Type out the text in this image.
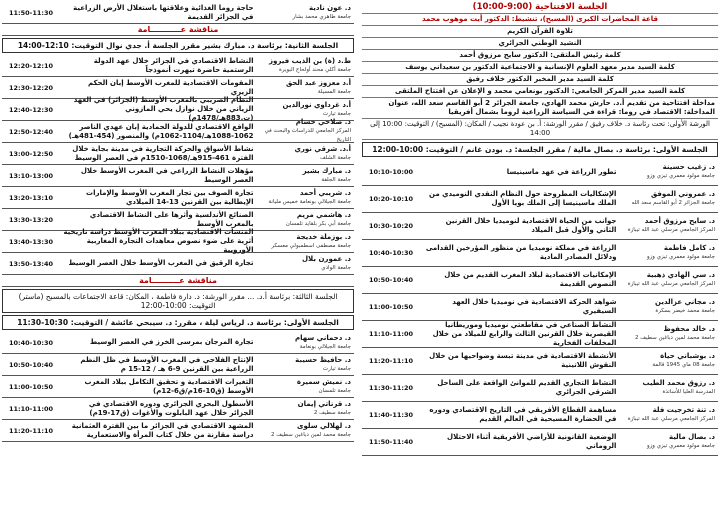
الجلسة الافتتاحية (9:00-10:00)
قاعة المحاضرات الكبرى (المسبح)، تنشيط: الدكتور أيت موهوب محمد
تلاوة القرآن الكريم
النشيد الوطني الجزائري
كلمة رئيس الملتقى: الدكتور سايح مرزوق أحمد
كلمة السيد مدير معهد العلوم الإنسانية و الاجتماعية الدكتور بن سعيداني يوسف
كلمة السيد مدير المخبر الدكتور خلاف رفيق
كلمة السيد مدير المركز الجامعي: الدكتور بونعامي محمد و الإعلان عن افتتاح الملتقى
مداخلة افتتاحية من تقديم أ.د. حارش محمد الهادي، جامعة الجزائر 2 أبو القاسم سعد الله، عنوان المداخلة: الاقتصاد في روما: قراءة في السياسة الزراعية لروما بشمال أفريقيا
الورشة الأولى: تحت رئاسة د. خلاف رفيق / مقرر الورشة: أ. بن عودة نجيب / المكان: (المسبح) / التوقيت: 10:00 إلى 14:00
الجلسة الأولى: برئاسة د. بصال مالية / مقرر الجلسة: د. بودن غانم / التوقيت: 10:00-12:00
د. زغيب حسينة
جامعة مولود معمري تيزي وزو
تطور الزراعة في عهد ماسينيسا
10:10-10:00
د. عمروني الموفق
جامعة الجزائر 2 أبو القاسم سعد الله
الإشكاليات المطروحة حول النظام النقدي النوميدي من الملك ماسينيسا إلى الملك بويا الأول
10:20-10:10
د. سايح مرزوق أحمد
المركز الجامعي مرسلي عبد الله تيبازة
جوانب من الحياة الاقتصادية لنوميديا خلال القرنين الثاني والأول قبل الميلاد
10:30-10:20
د. كامل فاطمة
جامعة مولود معمري تيزي وزو
الزراعة في مملكة نوميديا من منظور المؤرخين القدامى ودلائل المصادر المادية
10:40-10:30
د. سي الهادي ذهبية
المركز الجامعي مرسلي عبد الله تيبازة
الإمكانيات الاقتصادية لبلاد المغرب القديم من خلال النصوص القديمة
10:50-10:40
د. مجاني عزالدين
جامعة محمد خيضر بسكرة
شواهد الحركة الاقتصادية في نوميديا خلال العهد السيفيري
11:00-10:50
د. خالد محفوظ
جامعة محمد لمين دباغين سطيف 2
النشاط الصناعي في مقاطعتي نوميديا وموريطانيا القيصرية خلال القرنين الثالث والرابع للميلاد من خلال المخلفات الفخارية
11:10-11:00
د. بوشباني حياة
جامعة 08 ماي 1945 قالمة
الأنشطة الاقتصادية في مدينة تبسة وضواحيها من خلال النقوش اللاتينية
11:20-11:10
د. رزوق محمد الطيب
المدرسة العليا للأساتذة
النشاط التجاري القديم للموانئ الواقعة على الساحل الشرقي الجزائري
11:30-11:20
د. تنة تخرجيت فلة
المركز الجامعي مرسلي عبد الله تيبازة
مساهمة القطاع الأفريقي في التاريخ الاقتصادي ودوره في الحضارة المسيحية في العالم القديم
11:40-11:30
د. بصال مالية
جامعة مولود معمري تيزي وزو
الوضعية القانونية للأراضي الأفريقية أثناء الاحتلال الروماني
11:50-11:40
د. عون نادية
جامعة طاهري محمد بشار
حاجة روما الغذائية وعلاقتها باستغلال الأرض الزراعية في الجزائر القديمة
11:50-11:30
مناقشة عـــــــــــامة
الجلسة الثانية: برئاسة د. مبارك بشير مقرر الجلسة أ. جدي نوال التوقيت: 12:10-14:00
ط.د (ة) بن الذيب فيروز
جامعة أكلي محند أولحاج البويرة
النشاط الاقتصادي في الجزائر خلال عهد الدولة الرستمية حاضرة تيهرت أنموذجاً
12:20-12:10
أ.د معزوز عبد الحق
جامعة المسيلة
المقومات الاقتصادية للمغرب الأوسط إبان الحكم الزيري
12:30-12:20
أ.د غرداوي نورالدين
جامعة تيارت
النظام الضريبي بالمغرب الأوسط (الجزائر) في العهد الزياني من خلال نوازل يحي المازوني (ت.883هـ/1478م)
12:40-12:30
د. صلاحي حسام
المركز الجامعي للدراسات والبحث في التاريخ
الواقع الاقتصادي للدولة الحمادية إبان عهدي الناصر 1062-1088هـ/1104-1062م) والمنصور (454-481هـ)
12:50-12:40
أ.د. شرقي نوري
جامعة الشلف
نشاط الأسواق والحركة التجارية في مدينة بجاية خلال الفترة 461-915هـ/1068-1510م في العصر الوسيط
13:00-12:50
د. مبارك بشير
جامعة الجلفة
مؤهلات النشاط الزراعي في المغرب الأوسط خلال العصر الوسيط
13:10-13:00
د. شريبي أحمد
جامعة الجيلالي بونعامة خميس مليانة
تجارة الصوف بين تجار المغرب الأوسط والإمارات الإيطالية بين القرنين 13-14 الميلادي
13:20-13:10
د. هاشمي مريم
جامعة أبي بكر بلقايد تلمسان
الصنائع الأندلسية وأثرها على النشاط الاقتصادي بالمغرب الأوسط
13:30-13:20
د. بوزملة خديجة
جامعة مصطفى اسطمبولي معسكر
المنشآت الاقتصادية ببلاد المغرب الأوسط دراسة تاريخية أثرية على ضوء نصوص معاهدات التجارة المغاربية الأوروبية
13:40-13:30
د. عمورن بلال
جامعة الوادي
تجارة الرقيق في المغرب الأوسط خلال العصر الوسيط
13:50-13:40
مناقشة عــــــــــامة
الجلسة الثالثة: برئاسة أ.د. ... مقرر الورشة: د. دارة فاطمة ، المكان: قاعة الاجتماعات بالمسبح (ماستر) التوقيت: 10:00-12:00
الجلسة الأولى: برئاسة د. لرياس ليلة ، مقرر: د. سيبحي عائشة / التوقيت: 10:30-11:30
د. دحماني سهام
جامعة الجيلالي بونعامة
تجارة المرجان بمرسى الخرز في العصر الوسيط
10:40-10:30
د. حافيظ حسيبة
جامعة تيارت
الإنتاج الفلاحي في المغرب الأوسط في ظل النظم الزراعية بين القرنين 9-6 هـ / 12-15 م
10:50-10:40
د. نميش سميرة
جامعة تلمسان
التغيرات الاقتصادية و تحقيق التكامل ببلاد المغرب الأوسط (ق10-16م/ق6-12م)
11:00-10:50
د. قرناتي إيمان
جامعة سطيف 2
الأسطول البحري الجزائري ودوره الاقتصادي في الجزائر خلال عهد البابلوت والأغوات (ق17-19م)
11:10-11:00
د. لهلالي سلوى
جامعة محمد لمين دباغين سطيف 2
المشهد الاقتصادي في الجزائر ما بين الفترة العثمانية دراسة مقارنة من خلال كتاب المرأة والاستعمارية
11:20-11:10
